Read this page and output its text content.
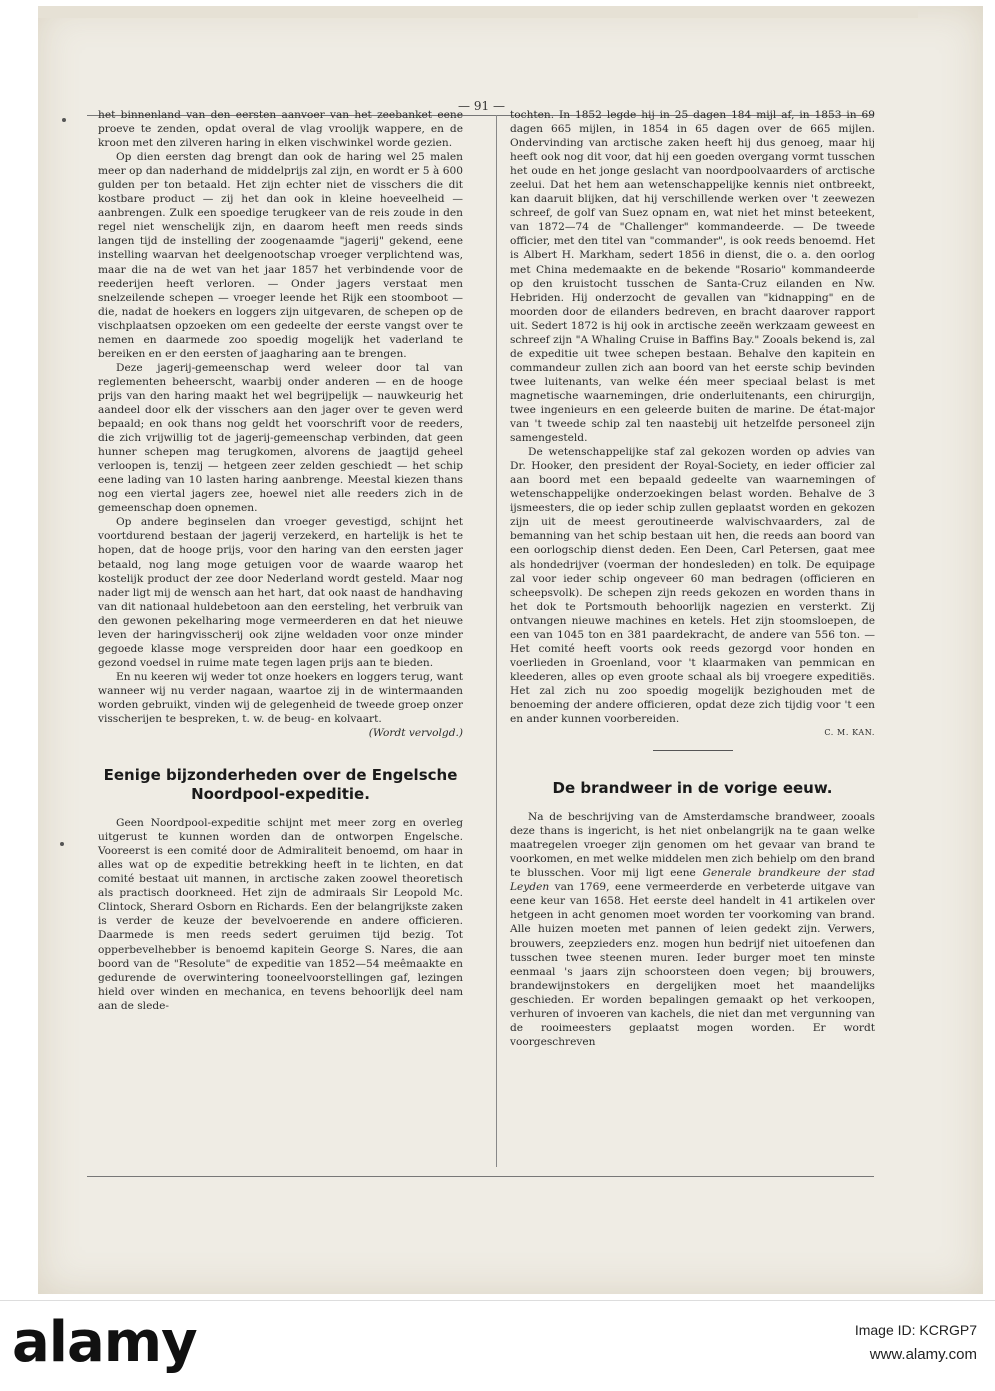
— 91 —

het binnenland van den eersten aanvoer van het zeebanket eene proeve te zenden, opdat overal de vlag vroolijk wappere, en de kroon met den zilveren haring in elken vischwinkel worde gezien.

Op dien eersten dag brengt dan ook de haring wel 25 malen meer op dan naderhand de middelprijs zal zijn, en wordt er 5 à 600 gulden per ton betaald. Het zijn echter niet de visschers die dit kostbare product — zij het dan ook in kleine hoeveelheid — aanbrengen. Zulk een spoedige terugkeer van de reis zoude in den regel niet wenschelijk zijn, en daarom heeft men reeds sinds langen tijd de instelling der zoogenaamde "jagerij" gekend, eene instelling waarvan het deelgenootschap vroeger verplichtend was, maar die na de wet van het jaar 1857 het verbindende voor de reederijen heeft verloren. — Onder jagers verstaat men snelzeilende schepen — vroeger leende het Rijk een stoomboot — die, nadat de hoekers en loggers zijn uitgevaren, de schepen op de vischplaatsen opzoeken om een gedeelte der eerste vangst over te nemen en daarmede zoo spoedig mogelijk het vaderland te bereiken en er den eersten of jaagharing aan te brengen.

Deze jagerij-gemeenschap werd weleer door tal van reglementen beheerscht, waarbij onder anderen — en de hooge prijs van den haring maakt het wel begrijpelijk — nauwkeurig het aandeel door elk der visschers aan den jager over te geven werd bepaald; en ook thans nog geldt het voorschrift voor de reeders, die zich vrijwillig tot de jagerij-gemeenschap verbinden, dat geen hunner schepen mag terugkomen, alvorens de jaagtijd geheel verloopen is, tenzij — hetgeen zeer zelden geschiedt — het schip eene lading van 10 lasten haring aanbrenge. Meestal kiezen thans nog een viertal jagers zee, hoewel niet alle reeders zich in de gemeenschap doen opnemen.

Op andere beginselen dan vroeger gevestigd, schijnt het voortdurend bestaan der jagerij verzekerd, en hartelijk is het te hopen, dat de hooge prijs, voor den haring van den eersten jager betaald, nog lang moge getuigen voor de waarde waarop het kostelijk product der zee door Nederland wordt gesteld. Maar nog nader ligt mij de wensch aan het hart, dat ook naast de handhaving van dit nationaal huldebetoon aan den eersteling, het verbruik van den gewonen pekelharing moge vermeerderen en dat het nieuwe leven der haringvisscherij ook zijne weldaden voor onze minder gegoede klasse moge verspreiden door haar een goedkoop en gezond voedsel in ruime mate tegen lagen prijs aan te bieden.

En nu keeren wij weder tot onze hoekers en loggers terug, want wanneer wij nu verder nagaan, waartoe zij in de wintermaanden worden gebruikt, vinden wij de gelegenheid de tweede groep onzer visscherijen te bespreken, t. w. de beug- en kolvaart.

(Wordt vervolgd.)

Eenige bijzonderheden over de Engelsche Noordpool-expeditie.

Geen Noordpool-expeditie schijnt met meer zorg en overleg uitgerust te kunnen worden dan de ontworpen Engelsche. Vooreerst is een comité door de Admiraliteit benoemd, om haar in alles wat op de expeditie betrekking heeft in te lichten, en dat comité bestaat uit mannen, in arctische zaken zoowel theoretisch als practisch doorkneed. Het zijn de admiraals Sir Leopold Mc. Clintock, Sherard Osborn en Richards. Een der belangrijkste zaken is verder de keuze der bevelvoerende en andere officieren. Daarmede is men reeds sedert geruimen tijd bezig. Tot opperbevelhebber is benoemd kapitein George S. Nares, die aan boord van de "Resolute" de expeditie van 1852—54 meêmaakte en gedurende de overwintering tooneelvoorstellingen gaf, lezingen hield over winden en mechanica, en tevens behoorlijk deel nam aan de slede-

tochten. In 1852 legde hij in 25 dagen 184 mijl af, in 1853 in 69 dagen 665 mijlen, in 1854 in 65 dagen over de 665 mijlen. Ondervinding van arctische zaken heeft hij dus genoeg, maar hij heeft ook nog dit voor, dat hij een goeden overgang vormt tusschen het oude en het jonge geslacht van noordpoolvaarders of arctische zeelui. Dat het hem aan wetenschappelijke kennis niet ontbreekt, kan daaruit blijken, dat hij verschillende werken over 't zeewezen schreef, de golf van Suez opnam en, wat niet het minst beteekent, van 1872—74 de "Challenger" kommandeerde. — De tweede officier, met den titel van "commander", is ook reeds benoemd. Het is Albert H. Markham, sedert 1856 in dienst, die o. a. den oorlog met China medemaakte en de bekende "Rosario" kommandeerde op den kruistocht tusschen de Santa-Cruz eilanden en Nw. Hebriden. Hij onderzocht de gevallen van "kidnapping" en de moorden door de eilanders bedreven, en bracht daarover rapport uit. Sedert 1872 is hij ook in arctische zeeën werkzaam geweest en schreef zijn "A Whaling Cruise in Baffins Bay." Zooals bekend is, zal de expeditie uit twee schepen bestaan. Behalve den kapitein en commandeur zullen zich aan boord van het eerste schip bevinden twee luitenants, van welke één meer speciaal belast is met magnetische waarnemingen, drie onderluitenants, een chirurgijn, twee ingenieurs en een geleerde buiten de marine. De état-major van 't tweede schip zal ten naastebij uit hetzelfde personeel zijn samengesteld.

De wetenschappelijke staf zal gekozen worden op advies van Dr. Hooker, den president der Royal-Society, en ieder officier zal aan boord met een bepaald gedeelte van waarnemingen of wetenschappelijke onderzoekingen belast worden. Behalve de 3 ijsmeesters, die op ieder schip zullen geplaatst worden en gekozen zijn uit de meest geroutineerde walvischvaarders, zal de bemanning van het schip bestaan uit hen, die reeds aan boord van een oorlogschip dienst deden. Een Deen, Carl Petersen, gaat mee als hondedrijver (voerman der hondesleden) en tolk. De equipage zal voor ieder schip ongeveer 60 man bedragen (officieren en scheepsvolk). De schepen zijn reeds gekozen en worden thans in het dok te Portsmouth behoorlijk nagezien en versterkt. Zij ontvangen nieuwe machines en ketels. Het zijn stoomsloepen, de een van 1045 ton en 381 paardekracht, de andere van 556 ton. — Het comité heeft voorts ook reeds gezorgd voor honden en voerlieden in Groenland, voor 't klaarmaken van pemmican en kleederen, alles op even groote schaal als bij vroegere expeditiës. Het zal zich nu zoo spoedig mogelijk bezighouden met de benoeming der andere officieren, opdat deze zich tijdig voor 't een en ander kunnen voorbereiden.

C. M. KAN.

De brandweer in de vorige eeuw.

Na de beschrijving van de Amsterdamsche brandweer, zooals deze thans is ingericht, is het niet onbelangrijk na te gaan welke maatregelen vroeger zijn genomen om het gevaar van brand te voorkomen, en met welke middelen men zich behielp om den brand te blusschen. Voor mij ligt eene Generale brandkeure der stad Leyden van 1769, eene vermeerderde en verbeterde uitgave van eene keur van 1658. Het eerste deel handelt in 41 artikelen over hetgeen in acht genomen moet worden ter voorkoming van brand. Alle huizen moeten met pannen of leien gedekt zijn. Verwers, brouwers, zeepzieders enz. mogen hun bedrijf niet uitoefenen dan tusschen twee steenen muren. Ieder burger moet ten minste eenmaal 's jaars zijn schoorsteen doen vegen; bij brouwers, brandewijnstokers en dergelijken moet het maandelijks geschieden. Er worden bepalingen gemaakt op het verkoopen, verhuren of invoeren van kachels, die niet dan met vergunning van de rooimeesters geplaatst mogen worden. Er wordt voorgeschreven

alamy	Image ID: KCRGP7
www.alamy.com
